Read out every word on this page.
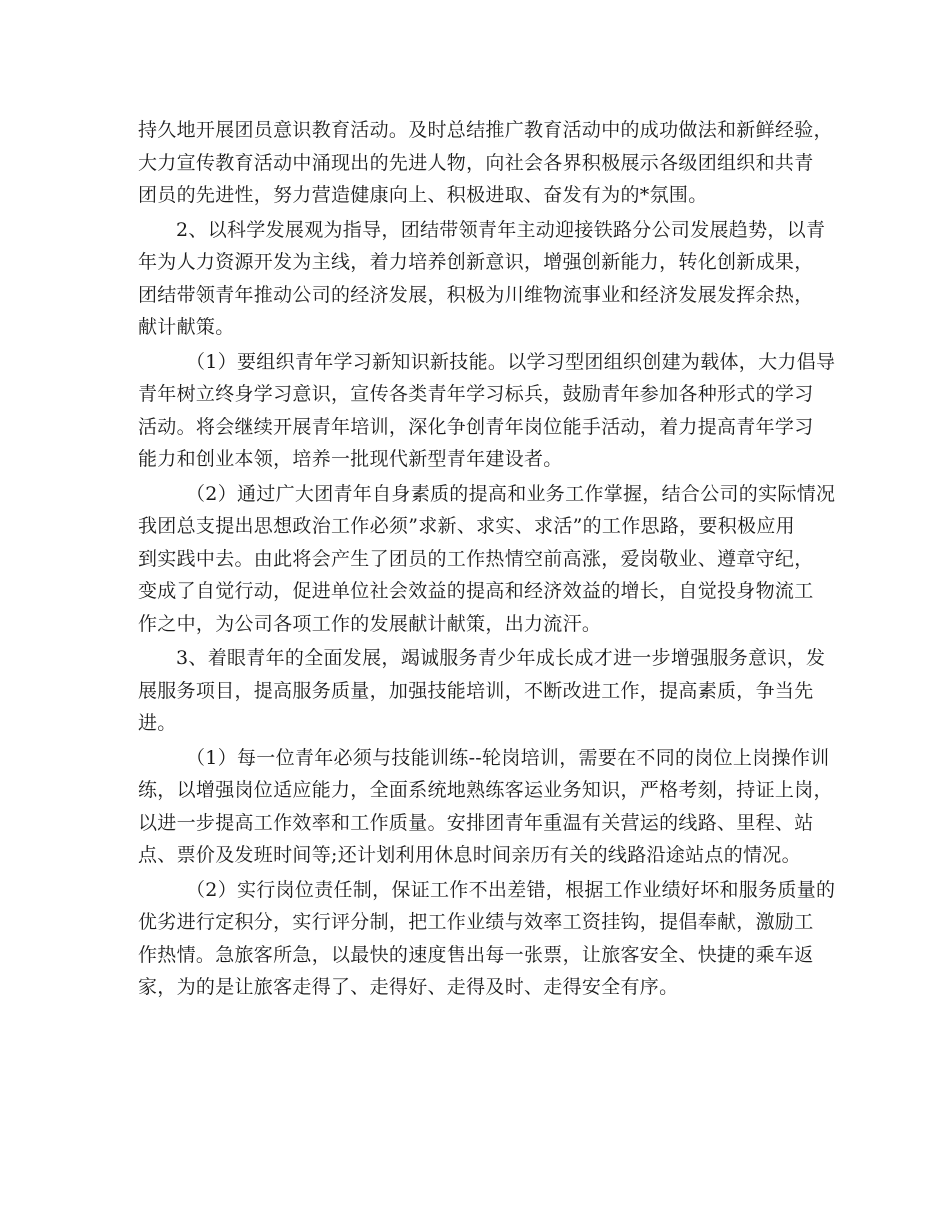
持久地开展团员意识教育活动。及时总结推广教育活动中的成功做法和新鲜经验，
大力宣传教育活动中涌现出的先进人物，向社会各界积极展示各级团组织和共青
团员的先进性，努力营造健康向上、积极进取、奋发有为的*氛围。

2、以科学发展观为指导，团结带领青年主动迎接铁路分公司发展趋势，以青
年为人力资源开发为主线，着力培养创新意识，增强创新能力，转化创新成果，
团结带领青年推动公司的经济发展，积极为川维物流事业和经济发展发挥余热，
献计献策。

（1）要组织青年学习新知识新技能。以学习型团组织创建为载体，大力倡导
青年树立终身学习意识，宣传各类青年学习标兵，鼓励青年参加各种形式的学习
活动。将会继续开展青年培训，深化争创青年岗位能手活动，着力提高青年学习
能力和创业本领，培养一批现代新型青年建设者。

（2）通过广大团青年自身素质的提高和业务工作掌握，结合公司的实际情况
我团总支提出思想政治工作必须”求新、求实、求活”的工作思路，要积极应用
到实践中去。由此将会产生了团员的工作热情空前高涨，爱岗敬业、遵章守纪，
变成了自觉行动，促进单位社会效益的提高和经济效益的增长，自觉投身物流工
作之中，为公司各项工作的发展献计献策，出力流汗。

3、着眼青年的全面发展，竭诚服务青少年成长成才进一步增强服务意识，发
展服务项目，提高服务质量，加强技能培训，不断改进工作，提高素质，争当先
进。

（1）每一位青年必须与技能训练--轮岗培训，需要在不同的岗位上岗操作训
练，以增强岗位适应能力，全面系统地熟练客运业务知识，严格考刻，持证上岗，
以进一步提高工作效率和工作质量。安排团青年重温有关营运的线路、里程、站
点、票价及发班时间等;还计划利用休息时间亲历有关的线路沿途站点的情况。

（2）实行岗位责任制，保证工作不出差错，根据工作业绩好坏和服务质量的
优劣进行定积分，实行评分制，把工作业绩与效率工资挂钩，提倡奉献，激励工
作热情。急旅客所急，以最快的速度售出每一张票，让旅客安全、快捷的乘车返
家，为的是让旅客走得了、走得好、走得及时、走得安全有序。
